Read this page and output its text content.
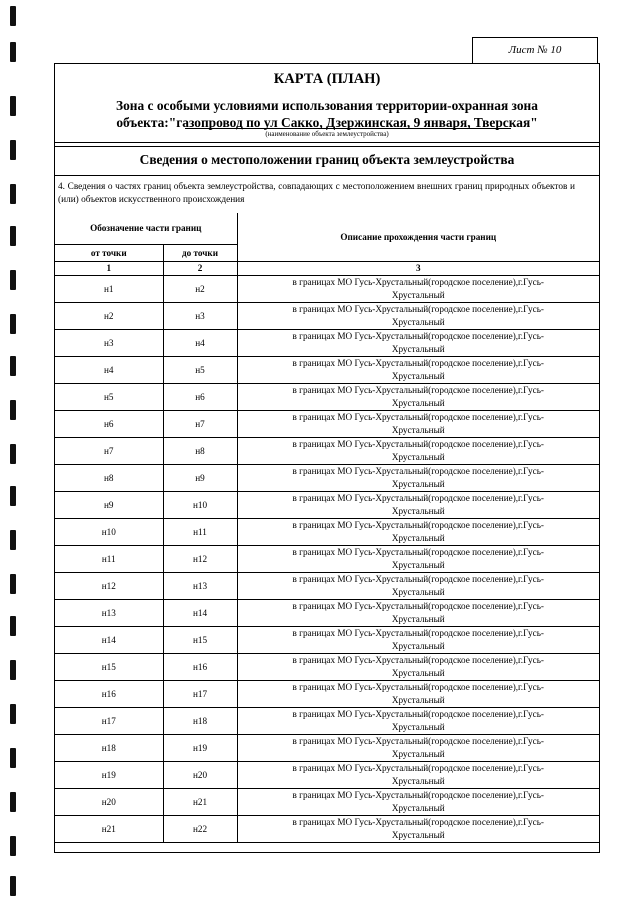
Лист № 10
КАРТА (ПЛАН)
Зона с особыми условиями использования территории-охранная зона
объекта:"газопровод по ул Сакко, Дзержинская, 9 января, Тверская"
(наименование объекта землеустройства)
Сведения о местоположении границ объекта землеустройства
4. Сведения о частях границ объекта землеустройства, совпадающих с местоположением внешних границ природных объектов и (или) объектов искусственного происхождения
Обозначение части границ		Описание прохождения части границ
от точки	до точки	
1	2	3
н1	н2	в границах МО Гусь-Хрустальный(городское поселение),г.Гусь-
Хрустальный

н2	н3	в границах МО Гусь-Хрустальный(городское поселение),г.Гусь-
Хрустальный

н3	н4	в границах МО Гусь-Хрустальный(городское поселение),г.Гусь-
Хрустальный

н4	н5	в границах МО Гусь-Хрустальный(городское поселение),г.Гусь-
Хрустальный

н5	н6	в границах МО Гусь-Хрустальный(городское поселение),г.Гусь-
Хрустальный

н6	н7	в границах МО Гусь-Хрустальный(городское поселение),г.Гусь-
Хрустальный

н7	н8	в границах МО Гусь-Хрустальный(городское поселение),г.Гусь-
Хрустальный

н8	н9	в границах МО Гусь-Хрустальный(городское поселение),г.Гусь-
Хрустальный

н9	н10	в границах МО Гусь-Хрустальный(городское поселение),г.Гусь-
Хрустальный

н10	н11	в границах МО Гусь-Хрустальный(городское поселение),г.Гусь-
Хрустальный

н11	н12	в границах МО Гусь-Хрустальный(городское поселение),г.Гусь-
Хрустальный

н12	н13	в границах МО Гусь-Хрустальный(городское поселение),г.Гусь-
Хрустальный

н13	н14	в границах МО Гусь-Хрустальный(городское поселение),г.Гусь-
Хрустальный

н14	н15	в границах МО Гусь-Хрустальный(городское поселение),г.Гусь-
Хрустальный

н15	н16	в границах МО Гусь-Хрустальный(городское поселение),г.Гусь-
Хрустальный

н16	н17	в границах МО Гусь-Хрустальный(городское поселение),г.Гусь-
Хрустальный

н17	н18	в границах МО Гусь-Хрустальный(городское поселение),г.Гусь-
Хрустальный

н18	н19	в границах МО Гусь-Хрустальный(городское поселение),г.Гусь-
Хрустальный

н19	н20	в границах МО Гусь-Хрустальный(городское поселение),г.Гусь-
Хрустальный

н20	н21	в границах МО Гусь-Хрустальный(городское поселение),г.Гусь-
Хрустальный

н21	н22	в границах МО Гусь-Хрустальный(городское поселение),г.Гусь-
Хрустальный
